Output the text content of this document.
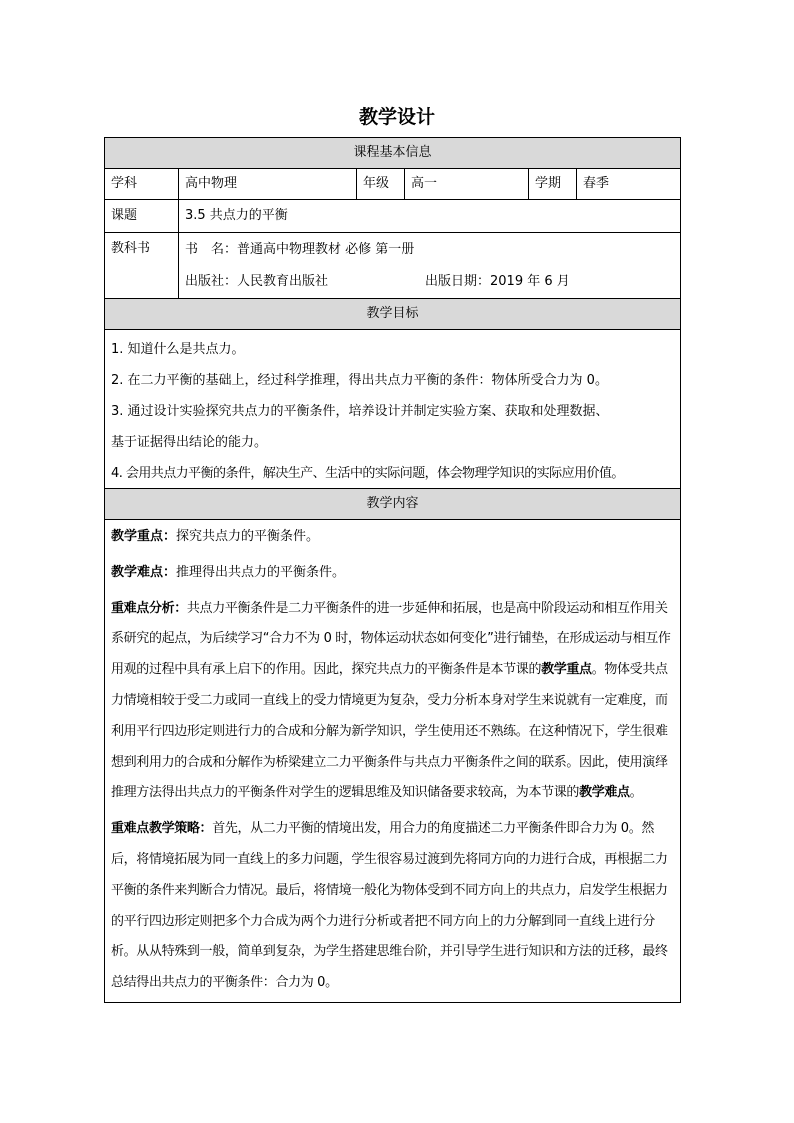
教学设计
课程基本信息					
学科	高中物理	年级	高一	学期	春季
课题	3.5 共点力的平衡				
教科书	书　名：普通高中物理教材 必修 第一册
出版社：人民教育出版社 出版日期：2019 年 6 月				

教学目标					

1. 知道什么是共点力。
2. 在二力平衡的基础上，经过科学推理，得出共点力平衡的条件：物体所受合力为 0。
3. 通过设计实验探究共点力的平衡条件，培养设计并制定实验方案、获取和处理数据、
基于证据得出结论的能力。
4. 会用共点力平衡的条件，解决生产、生活中的实际问题，体会物理学知识的实际应用价值。					

教学内容					

教学重点：探究共点力的平衡条件。
教学难点：推理得出共点力的平衡条件。
重难点分析：共点力平衡条件是二力平衡条件的进一步延伸和拓展，也是高中阶段运动和相互作用关系研究的起点，为后续学习“合力不为 0 时，物体运动状态如何变化”进行铺垫，在形成运动与相互作用观的过程中具有承上启下的作用。因此，探究共点力的平衡条件是本节课的教学重点。物体受共点力情境相较于受二力或同一直线上的受力情境更为复杂，受力分析本身对学生来说就有一定难度，而利用平行四边形定则进行力的合成和分解为新学知识，学生使用还不熟练。在这种情况下，学生很难想到利用力的合成和分解作为桥梁建立二力平衡条件与共点力平衡条件之间的联系。因此，使用演绎推理方法得出共点力的平衡条件对学生的逻辑思维及知识储备要求较高，为本节课的教学难点。
重难点教学策略：首先，从二力平衡的情境出发，用合力的角度描述二力平衡条件即合力为 0。然后，将情境拓展为同一直线上的多力问题，学生很容易过渡到先将同方向的力进行合成，再根据二力平衡的条件来判断合力情况。最后，将情境一般化为物体受到不同方向上的共点力，启发学生根据力的平行四边形定则把多个力合成为两个力进行分析或者把不同方向上的力分解到同一直线上进行分析。从从特殊到一般，简单到复杂，为学生搭建思维台阶，并引导学生进行知识和方法的迁移，最终总结得出共点力的平衡条件：合力为 0。					
